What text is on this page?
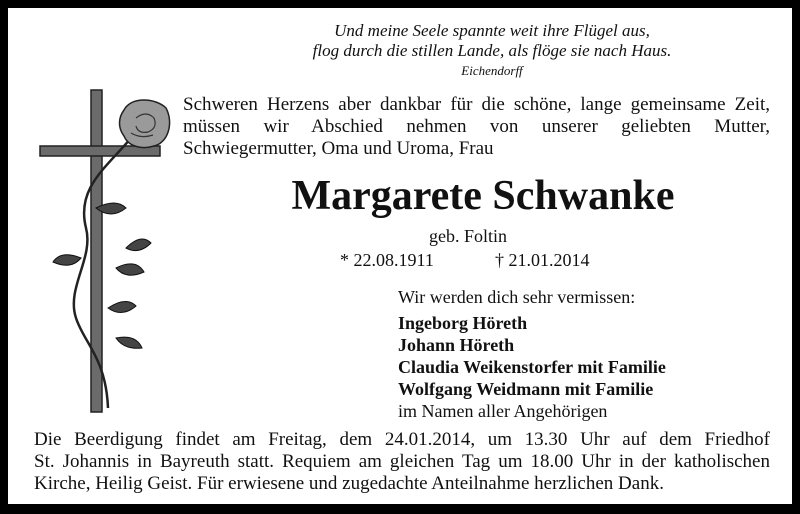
Und meine Seele spannte weit ihre Flügel aus,
flog durch die stillen Lande, als flöge sie nach Haus.
Eichendorff
Schweren Herzens aber dankbar für die schöne, lange gemeinsame Zeit,
müssen wir Abschied nehmen von unserer geliebten Mutter,
Schwiegermutter, Oma und Uroma, Frau
Margarete Schwanke
geb. Foltin
* 22.08.1911	† 21.01.2014
Wir werden dich sehr vermissen:
Ingeborg Höreth
Johann Höreth
Claudia Weikenstorfer mit Familie
Wolfgang Weidmann mit Familie
im Namen aller Angehörigen
Die Beerdigung findet am Freitag, dem 24.01.2014, um 13.30 Uhr auf dem Friedhof
St. Johannis in Bayreuth statt. Requiem am gleichen Tag um 18.00 Uhr in der katholischen
Kirche, Heilig Geist. Für erwiesene und zugedachte Anteilnahme herzlichen Dank.
